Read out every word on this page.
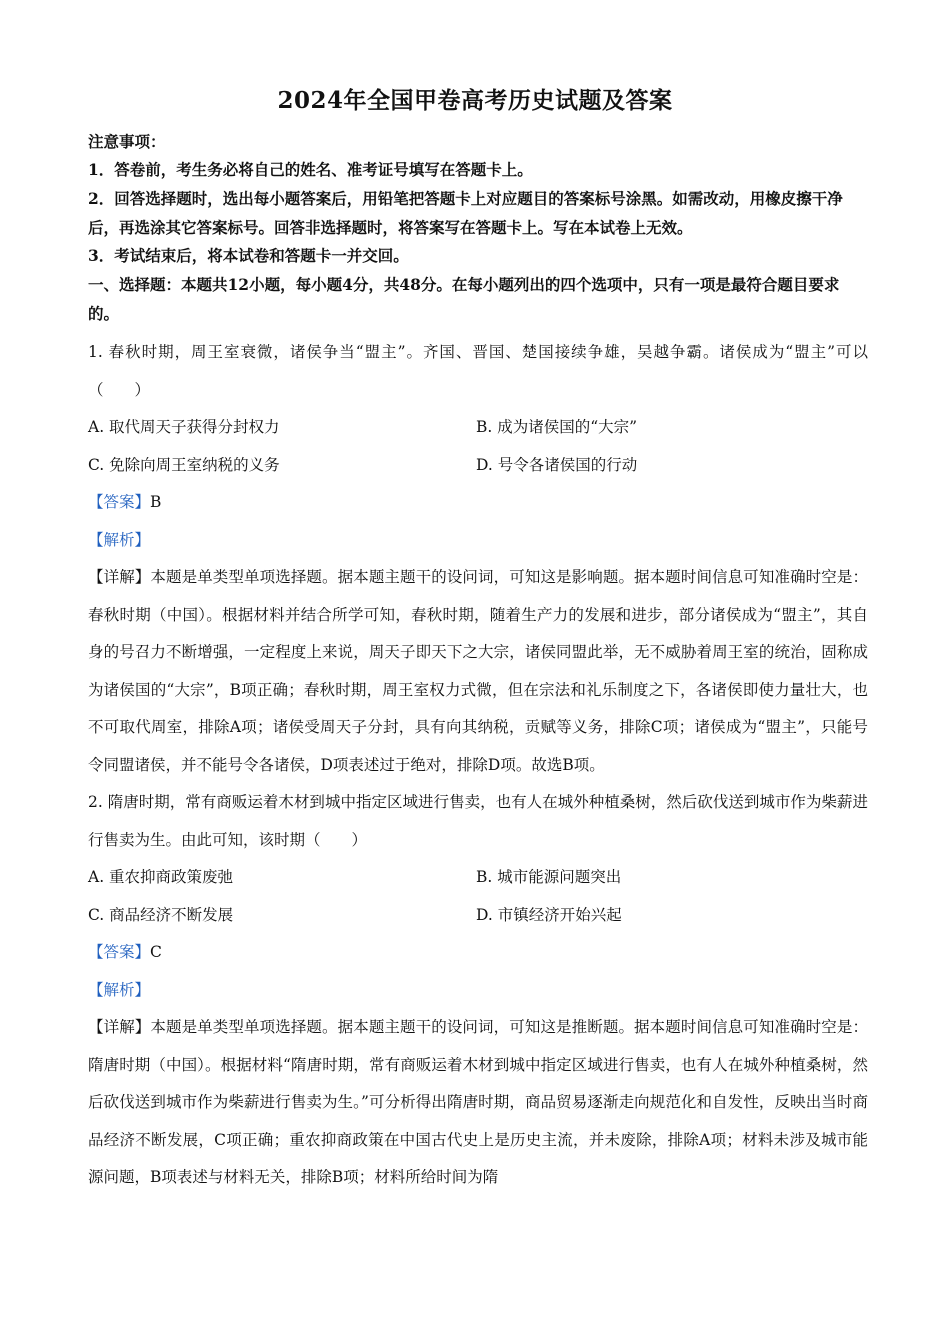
2024年全国甲卷高考历史试题及答案

注意事项：

1．答卷前，考生务必将自己的姓名、准考证号填写在答题卡上。

2．回答选择题时，选出每小题答案后，用铅笔把答题卡上对应题目的答案标号涂黑。如需改动，用橡皮擦干净后，再选涂其它答案标号。回答非选择题时，将答案写在答题卡上。写在本试卷上无效。

3．考试结束后，将本试卷和答题卡一并交回。

一、选择题：本题共12小题，每小题4分，共48分。在每小题列出的四个选项中，只有一项是最符合题目要求的。

1. 春秋时期，周王室衰微，诸侯争当“盟主”。齐国、晋国、楚国接续争雄，吴越争霸。诸侯成为“盟主”可以（　　）

A. 取代周天子获得分封权力	B. 成为诸侯国的“大宗”
C. 免除向周王室纳税的义务	D. 号令各诸侯国的行动

【答案】B

【解析】

【详解】本题是单类型单项选择题。据本题主题干的设问词，可知这是影响题。据本题时间信息可知准确时空是：春秋时期（中国）。根据材料并结合所学可知，春秋时期，随着生产力的发展和进步，部分诸侯成为“盟主”，其自身的号召力不断增强，一定程度上来说，周天子即天下之大宗，诸侯同盟此举，无不威胁着周王室的统治，固称成为诸侯国的“大宗”，B项正确；春秋时期，周王室权力式微，但在宗法和礼乐制度之下，各诸侯即使力量壮大，也不可取代周室，排除A项；诸侯受周天子分封，具有向其纳税，贡赋等义务，排除C项；诸侯成为“盟主”，只能号令同盟诸侯，并不能号令各诸侯，D项表述过于绝对，排除D项。故选B项。

2. 隋唐时期，常有商贩运着木材到城中指定区域进行售卖，也有人在城外种植桑树，然后砍伐送到城市作为柴薪进行售卖为生。由此可知，该时期（　　）

A. 重农抑商政策废弛	B. 城市能源问题突出
C. 商品经济不断发展	D. 市镇经济开始兴起

【答案】C

【解析】

【详解】本题是单类型单项选择题。据本题主题干的设问词，可知这是推断题。据本题时间信息可知准确时空是：隋唐时期（中国）。根据材料“隋唐时期，常有商贩运着木材到城中指定区域进行售卖，也有人在城外种植桑树，然后砍伐送到城市作为柴薪进行售卖为生。”可分析得出隋唐时期，商品贸易逐渐走向规范化和自发性，反映出当时商品经济不断发展，C项正确；重农抑商政策在中国古代史上是历史主流，并未废除，排除A项；材料未涉及城市能源问题，B项表述与材料无关，排除B项；材料所给时间为隋
